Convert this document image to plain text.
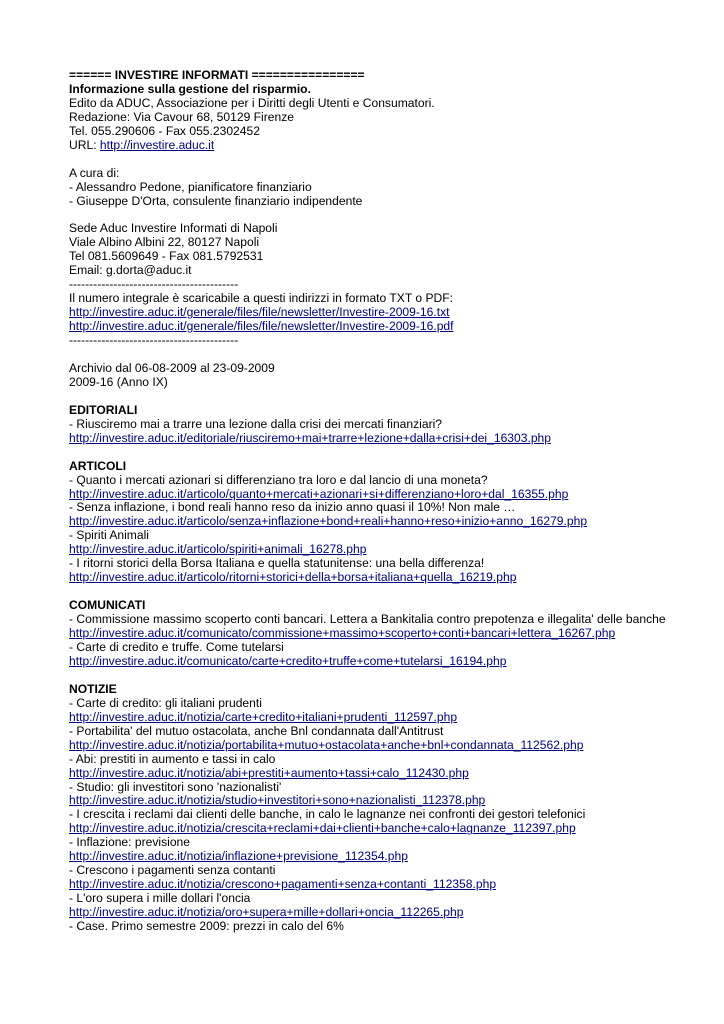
====== INVESTIRE INFORMATI ================
Informazione sulla gestione del risparmio.
Edito da ADUC, Associazione per i Diritti degli Utenti e Consumatori.
Redazione: Via Cavour 68, 50129 Firenze
Tel. 055.290606 - Fax 055.2302452
URL: http://investire.aduc.it
A cura di:
- Alessandro Pedone, pianificatore finanziario
- Giuseppe D'Orta, consulente finanziario indipendente
Sede Aduc Investire Informati di Napoli
Viale Albino Albini 22, 80127 Napoli
Tel 081.5609649 - Fax 081.5792531
Email: g.dorta@aduc.it
------------------------------------------
Il numero integrale è scaricabile a questi indirizzi in formato TXT o PDF:
http://investire.aduc.it/generale/files/file/newsletter/Investire-2009-16.txt
http://investire.aduc.it/generale/files/file/newsletter/Investire-2009-16.pdf
------------------------------------------
Archivio dal 06-08-2009 al 23-09-2009
2009-16 (Anno IX)
EDITORIALI
- Riusciremo mai a trarre una lezione dalla crisi dei mercati finanziari?
http://investire.aduc.it/editoriale/riusciremo+mai+trarre+lezione+dalla+crisi+dei_16303.php
ARTICOLI
- Quanto i mercati azionari si differenziano tra loro e dal lancio di una moneta?
http://investire.aduc.it/articolo/quanto+mercati+azionari+si+differenziano+loro+dal_16355.php
- Senza inflazione, i bond reali hanno reso da inizio anno quasi il 10%! Non male …
http://investire.aduc.it/articolo/senza+inflazione+bond+reali+hanno+reso+inizio+anno_16279.php
- Spiriti Animali
http://investire.aduc.it/articolo/spiriti+animali_16278.php
- I ritorni storici della Borsa Italiana e quella statunitense: una bella differenza!
http://investire.aduc.it/articolo/ritorni+storici+della+borsa+italiana+quella_16219.php
COMUNICATI
- Commissione massimo scoperto conti bancari. Lettera a Bankitalia contro prepotenza e illegalita' delle banche
http://investire.aduc.it/comunicato/commissione+massimo+scoperto+conti+bancari+lettera_16267.php
- Carte di credito e truffe. Come tutelarsi
http://investire.aduc.it/comunicato/carte+credito+truffe+come+tutelarsi_16194.php
NOTIZIE
- Carte di credito: gli italiani prudenti
http://investire.aduc.it/notizia/carte+credito+italiani+prudenti_112597.php
- Portabilita' del mutuo ostacolata, anche Bnl condannata dall'Antitrust
http://investire.aduc.it/notizia/portabilita+mutuo+ostacolata+anche+bnl+condannata_112562.php
- Abi: prestiti in aumento e tassi in calo
http://investire.aduc.it/notizia/abi+prestiti+aumento+tassi+calo_112430.php
- Studio: gli investitori sono 'nazionalisti'
http://investire.aduc.it/notizia/studio+investitori+sono+nazionalisti_112378.php
- I crescita i reclami dai clienti delle banche, in calo le lagnanze nei confronti dei gestori telefonici
http://investire.aduc.it/notizia/crescita+reclami+dai+clienti+banche+calo+lagnanze_112397.php
- Inflazione: previsione
http://investire.aduc.it/notizia/inflazione+previsione_112354.php
- Crescono i pagamenti senza contanti
http://investire.aduc.it/notizia/crescono+pagamenti+senza+contanti_112358.php
- L'oro supera i mille dollari l'oncia
http://investire.aduc.it/notizia/oro+supera+mille+dollari+oncia_112265.php
- Case. Primo semestre 2009: prezzi in calo del 6%
